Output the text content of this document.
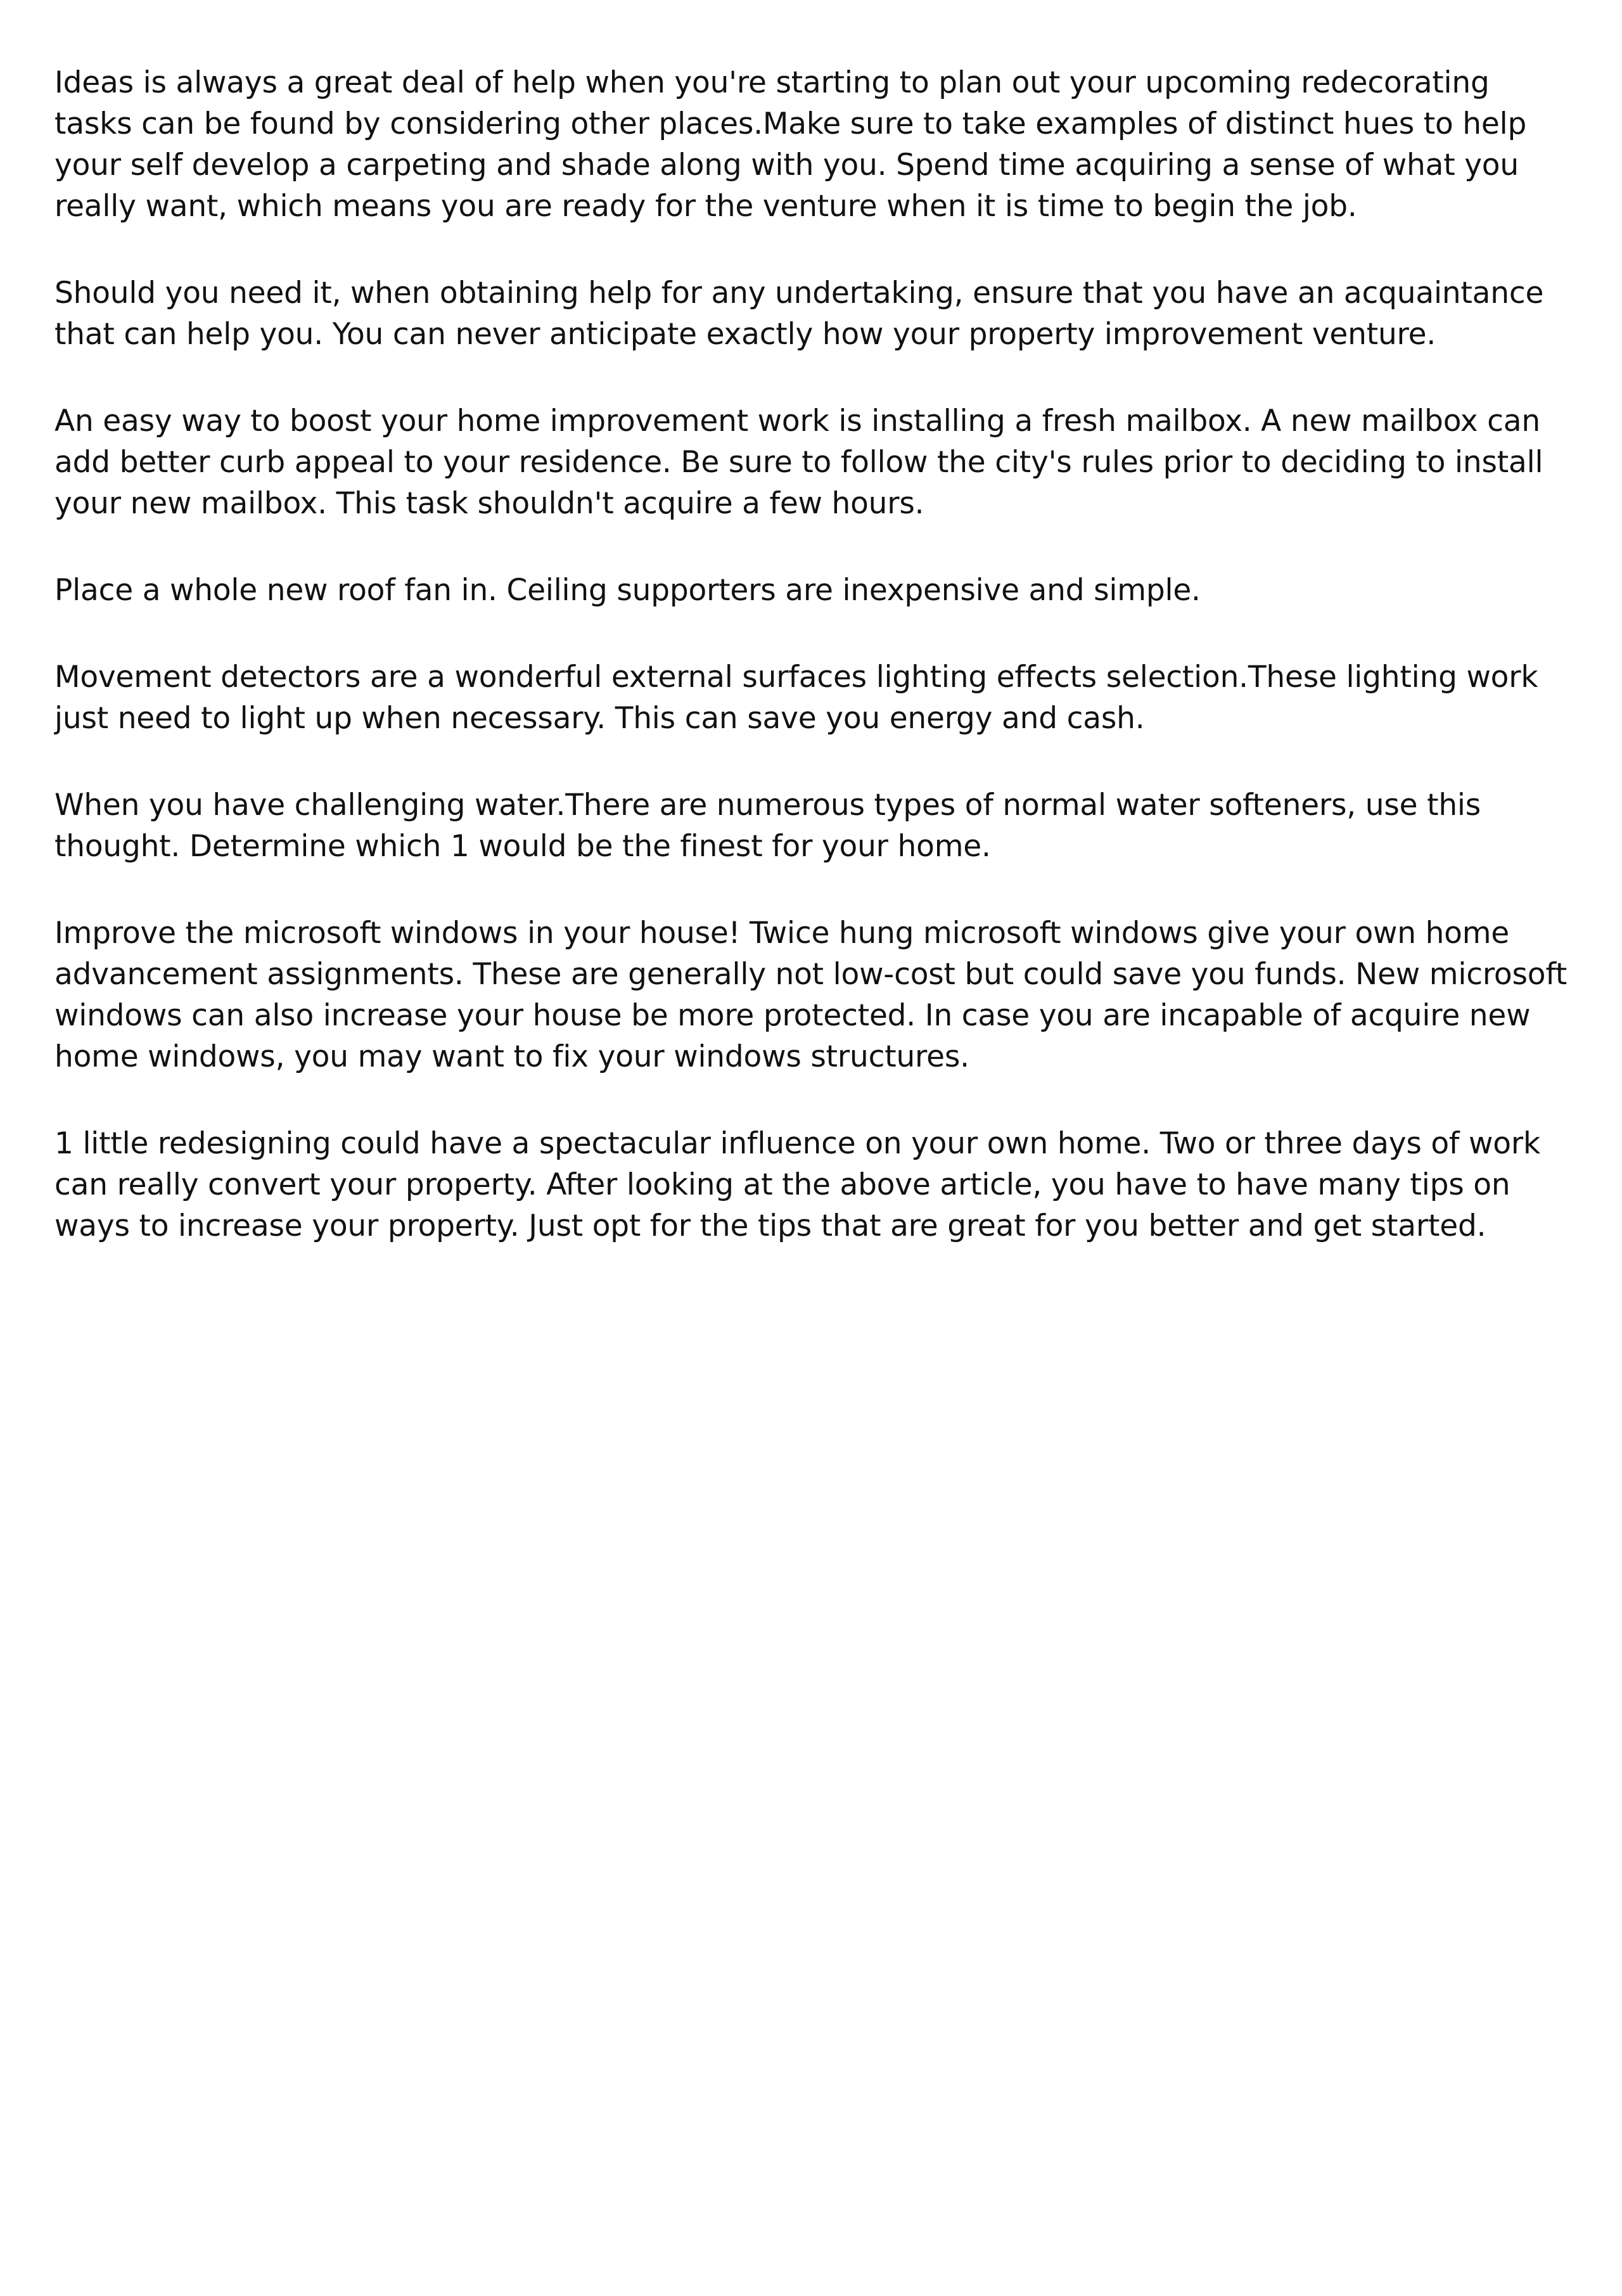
Ideas is always a great deal of help when you're starting to plan out your upcoming redecorating tasks can be found by considering other places.Make sure to take examples of distinct hues to help your self develop a carpeting and shade along with you. Spend time acquiring a sense of what you really want, which means you are ready for the venture when it is time to begin the job.

Should you need it, when obtaining help for any undertaking, ensure that you have an acquaintance that can help you. You can never anticipate exactly how your property improvement venture.

An easy way to boost your home improvement work is installing a fresh mailbox. A new mailbox can add better curb appeal to your residence. Be sure to follow the city's rules prior to deciding to install your new mailbox. This task shouldn't acquire a few hours.

Place a whole new roof fan in. Ceiling supporters are inexpensive and simple.

Movement detectors are a wonderful external surfaces lighting effects selection.These lighting work just need to light up when necessary. This can save you energy and cash.

When you have challenging water.There are numerous types of normal water softeners, use this thought. Determine which 1 would be the finest for your home.

Improve the microsoft windows in your house! Twice hung microsoft windows give your own home advancement assignments. These are generally not low-cost but could save you funds. New microsoft windows can also increase your house be more protected. In case you are incapable of acquire new home windows, you may want to fix your windows structures.

1 little redesigning could have a spectacular influence on your own home. Two or three days of work can really convert your property. After looking at the above article, you have to have many tips on ways to increase your property. Just opt for the tips that are great for you better and get started.
